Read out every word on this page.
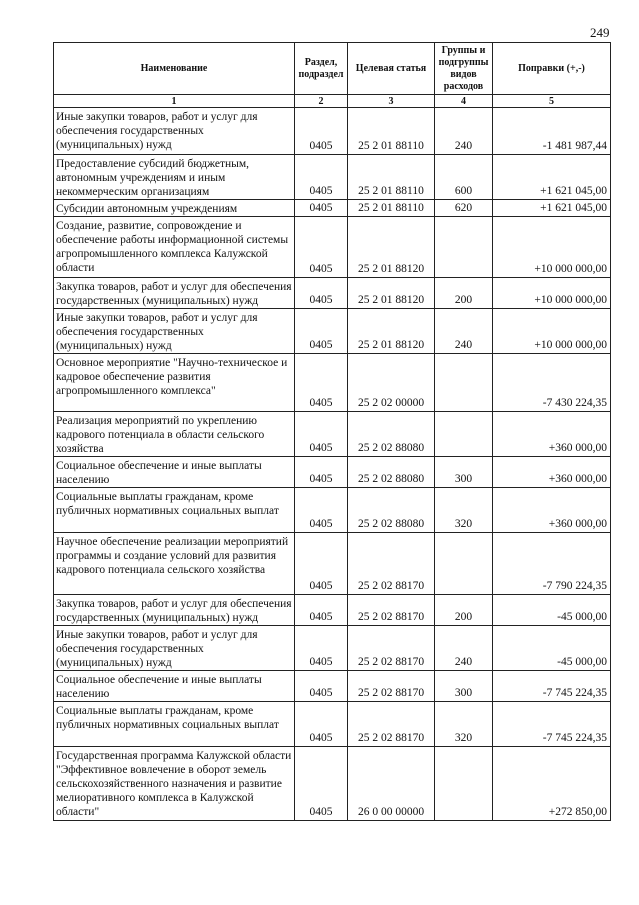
249
Наименование	Раздел, подраздел	Целевая статья	Группы и подгруппы видов расходов	Поправки (+,-)
1	2	3	4	5
Иные закупки товаров, работ и услуг для обеспечения государственных (муниципальных) нужд	0405	25 2 01 88110	240	-1 481 987,44
Предоставление субсидий бюджетным, автономным учреждениям и иным некоммерческим организациям	0405	25 2 01 88110	600	+1 621 045,00
Субсидии автономным учреждениям	0405	25 2 01 88110	620	+1 621 045,00
Создание, развитие, сопровождение и обеспечение работы информационной системы агропромышленного комплекса Калужской области	0405	25 2 01 88120		+10 000 000,00
Закупка товаров, работ и услуг для обеспечения государственных (муниципальных) нужд	0405	25 2 01 88120	200	+10 000 000,00
Иные закупки товаров, работ и услуг для обеспечения государственных (муниципальных) нужд	0405	25 2 01 88120	240	+10 000 000,00
Основное мероприятие "Научно-техническое и кадровое обеспечение развития агропромышленного комплекса"	0405	25 2 02 00000		-7 430 224,35
Реализация мероприятий по укреплению кадрового потенциала в области сельского хозяйства	0405	25 2 02 88080		+360 000,00
Социальное обеспечение и иные выплаты населению	0405	25 2 02 88080	300	+360 000,00
Социальные выплаты гражданам, кроме публичных нормативных социальных выплат	0405	25 2 02 88080	320	+360 000,00
Научное обеспечение реализации мероприятий программы и создание условий для развития кадрового потенциала сельского хозяйства	0405	25 2 02 88170		-7 790 224,35
Закупка товаров, работ и услуг для обеспечения государственных (муниципальных) нужд	0405	25 2 02 88170	200	-45 000,00
Иные закупки товаров, работ и услуг для обеспечения государственных (муниципальных) нужд	0405	25 2 02 88170	240	-45 000,00
Социальное обеспечение и иные выплаты населению	0405	25 2 02 88170	300	-7 745 224,35
Социальные выплаты гражданам, кроме публичных нормативных социальных выплат	0405	25 2 02 88170	320	-7 745 224,35
Государственная программа Калужской области "Эффективное вовлечение в оборот земель сельскохозяйственного назначения и развитие мелиоративного комплекса в Калужской области"	0405	26 0 00 00000		+272 850,00
